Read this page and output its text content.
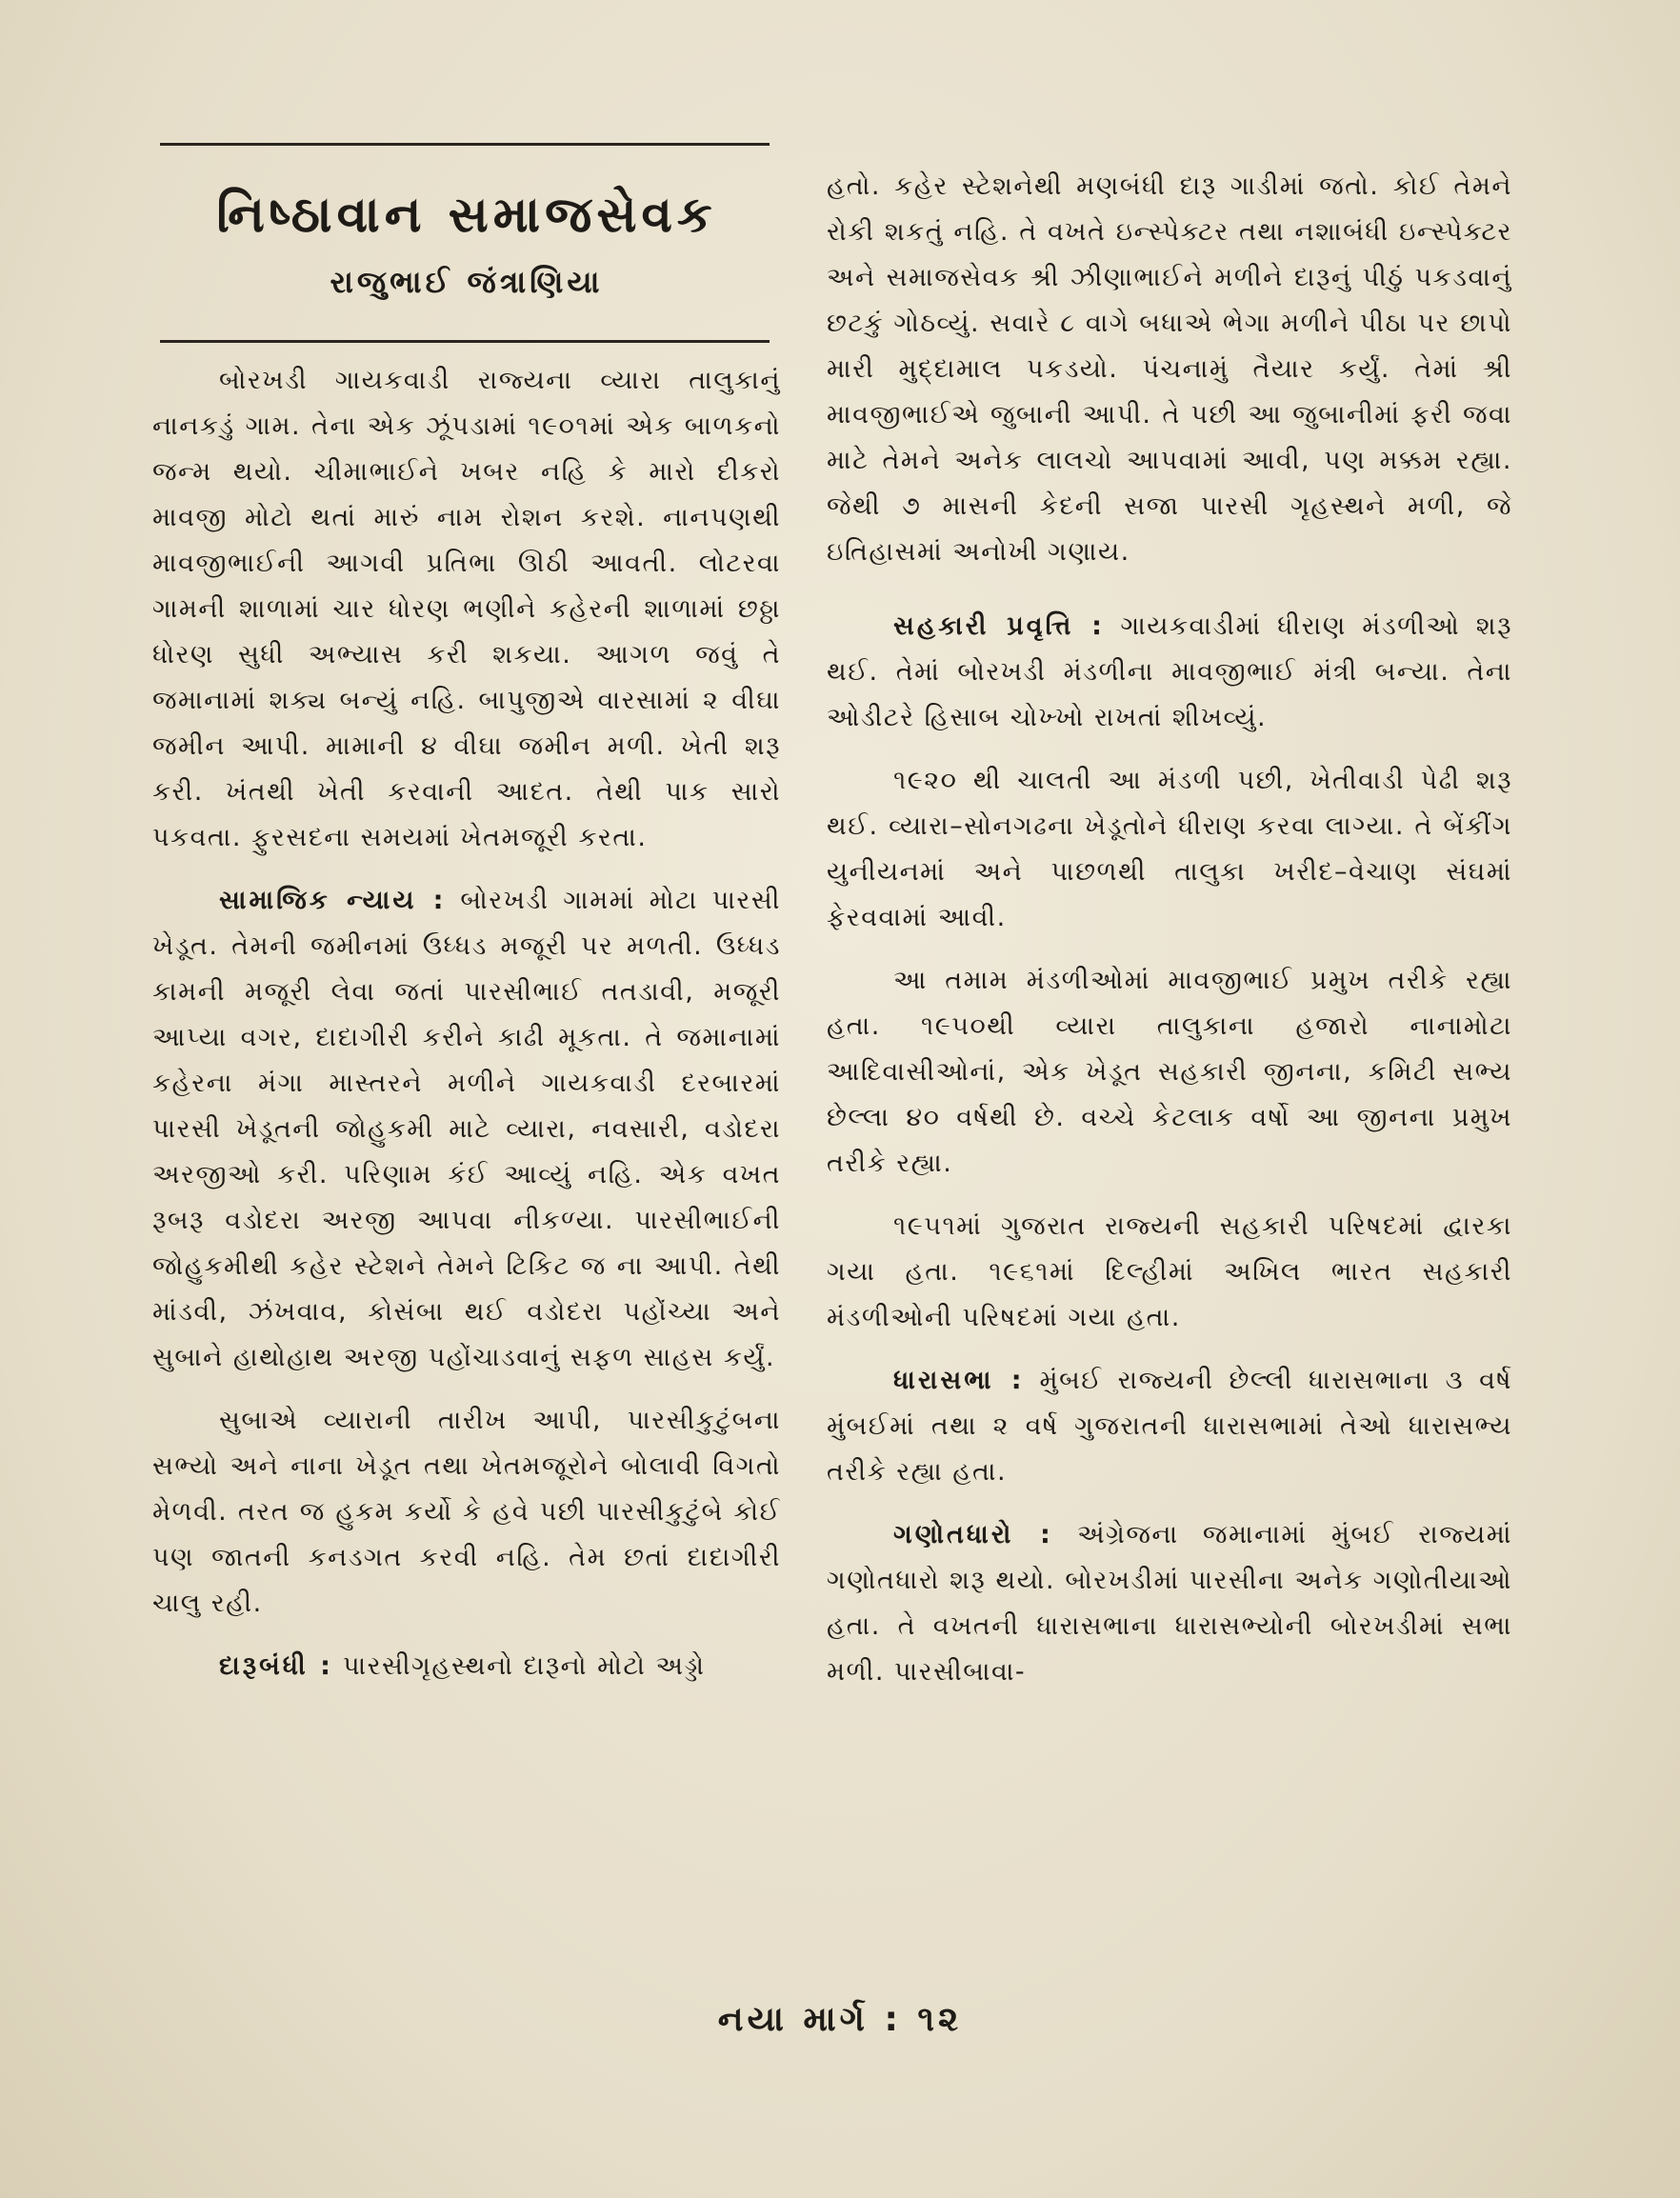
નિષ્ઠાવાન સમાજસેવક
રાજુભાઈ જંત્રાણિયા

બોરખડી ગાયકવાડી રાજ્યના વ્યારા તાલુકાનું નાનકડું ગામ. તેના એક ઝૂંપડામાં ૧૯૦૧માં એક બાળકનો જન્મ થયો. ચીમાભાઈને ખબર નહિ કે મારો દીકરો માવજી મોટો થતાં મારું નામ રોશન કરશે. નાનપણથી માવજીભાઈની આગવી પ્રતિભા ઊઠી આવતી. લોટરવા ગામની શાળામાં ચાર ધોરણ ભણીને કહેરની શાળામાં છઠ્ઠા ધોરણ સુધી અભ્યાસ કરી શકયા. આગળ જવું તે જમાનામાં શક્ય બન્યું નહિ. બાપુજીએ વારસામાં ૨ વીઘા જમીન આપી. મામાની ૪ વીઘા જમીન મળી. ખેતી શરૂ કરી. ખંતથી ખેતી કરવાની આદત. તેથી પાક સારો પકવતા. ફુરસદના સમયમાં ખેતમજૂરી કરતા.

સામાજિક ન્યાય : બોરખડી ગામમાં મોટા પારસી ખેડૂત. તેમની જમીનમાં ઉધ્ધડ મજૂરી પર મળતી. ઉધ્ધડ કામની મજૂરી લેવા જતાં પારસીભાઈ તતડાવી, મજૂરી આપ્યા વગર, દાદાગીરી કરીને કાઢી મૂકતા. તે જમાનામાં કહેરના મંગા માસ્તરને મળીને ગાયકવાડી દરબારમાં પારસી ખેડૂતની જોહુકમી માટે વ્યારા, નવસારી, વડોદરા અરજીઓ કરી. પરિણામ કંઈ આવ્યું નહિ. એક વખત રૂબરૂ વડોદરા અરજી આપવા નીકળ્યા. પારસીભાઈની જોહુકમીથી કહેર સ્ટેશને તેમને ટિકિટ જ ના આપી. તેથી માંડવી, ઝંખવાવ, કોસંબા થઈ વડોદરા પહોંચ્યા અને સુબાને હાથોહાથ અરજી પહોંચાડવાનું સફળ સાહસ કર્યું.

સુબાએ વ્યારાની તારીખ આપી, પારસીકુટુંબના સભ્યો અને નાના ખેડૂત તથા ખેતમજૂરોને બોલાવી વિગતો મેળવી. તરત જ હુકમ કર્યો કે હવે પછી પારસીકુટુંબે કોઈ પણ જાતની કનડગત કરવી નહિ. તેમ છતાં દાદાગીરી ચાલુ રહી.

દારૂબંધી : પારસીગૃહસ્થનો દારૂનો મોટો અડ્ડો

હતો. કહેર સ્ટેશનેથી મણબંધી દારૂ ગાડીમાં જતો. કોઈ તેમને રોકી શકતું નહિ. તે વખતે ઇન્સ્પેક્ટર તથા નશાબંધી ઇન્સ્પેક્ટર અને સમાજસેવક શ્રી ઝીણાભાઈને મળીને દારૂનું પીઠું પકડવાનું છટકું ગોઠવ્યું. સવારે ૮ વાગે બધાએ ભેગા મળીને પીઠા પર છાપો મારી મુદ્દામાલ પકડયો. પંચનામું તૈયાર કર્યું. તેમાં શ્રી માવજીભાઈએ જુબાની આપી. તે પછી આ જુબાનીમાં ફરી જવા માટે તેમને અનેક લાલચો આપવામાં આવી, પણ મક્કમ રહ્યા. જેથી ૭ માસની કેદની સજા પારસી ગૃહસ્થને મળી, જે ઇતિહાસમાં અનોખી ગણાય.

સહકારી પ્રવૃત્તિ : ગાયકવાડીમાં ધીરાણ મંડળીઓ શરૂ થઈ. તેમાં બોરખડી મંડળીના માવજીભાઈ મંત્રી બન્યા. તેના ઓડીટરે હિસાબ ચોખ્ખો રાખતાં શીખવ્યું.

૧૯૨૦ થી ચાલતી આ મંડળી પછી, ખેતીવાડી પેઢી શરૂ થઈ. વ્યારા–સોનગઢના ખેડૂતોને ધીરાણ કરવા લાગ્યા. તે બેંકીંગ યુનીયનમાં અને પાછળથી તાલુકા ખરીદ–વેચાણ સંઘમાં ફેરવવામાં આવી.

આ તમામ મંડળીઓમાં માવજીભાઈ પ્રમુખ તરીકે રહ્યા હતા. ૧૯૫૦થી વ્યારા તાલુકાના હજારો નાનામોટા આદિવાસીઓનાં, એક ખેડૂત સહકારી જીનના, કમિટી સભ્ય છેલ્લા ૪૦ વર્ષથી છે. વચ્ચે કેટલાક વર્ષો આ જીનના પ્રમુખ તરીકે રહ્યા.

૧૯૫૧માં ગુજરાત રાજ્યની સહકારી પરિષદમાં દ્વારકા ગયા હતા. ૧૯૬૧માં દિલ્હીમાં અખિલ ભારત સહકારી મંડળીઓની પરિષદમાં ગયા હતા.

ધારાસભા : મુંબઈ રાજ્યની છેલ્લી ધારાસભાના ૩ વર્ષ મુંબઈમાં તથા ૨ વર્ષ ગુજરાતની ધારાસભામાં તેઓ ધારાસભ્ય તરીકે રહ્યા હતા.

ગણોતધારો : અંગ્રેજના જમાનામાં મુંબઈ રાજ્યમાં ગણોતધારો શરૂ થયો. બોરખડીમાં પારસીના અનેક ગણોતીયાઓ હતા. તે વખતની ધારાસભાના ધારાસભ્યોની બોરખડીમાં સભા મળી. પારસીબાવા-

નયા માર્ગ : ૧૨
